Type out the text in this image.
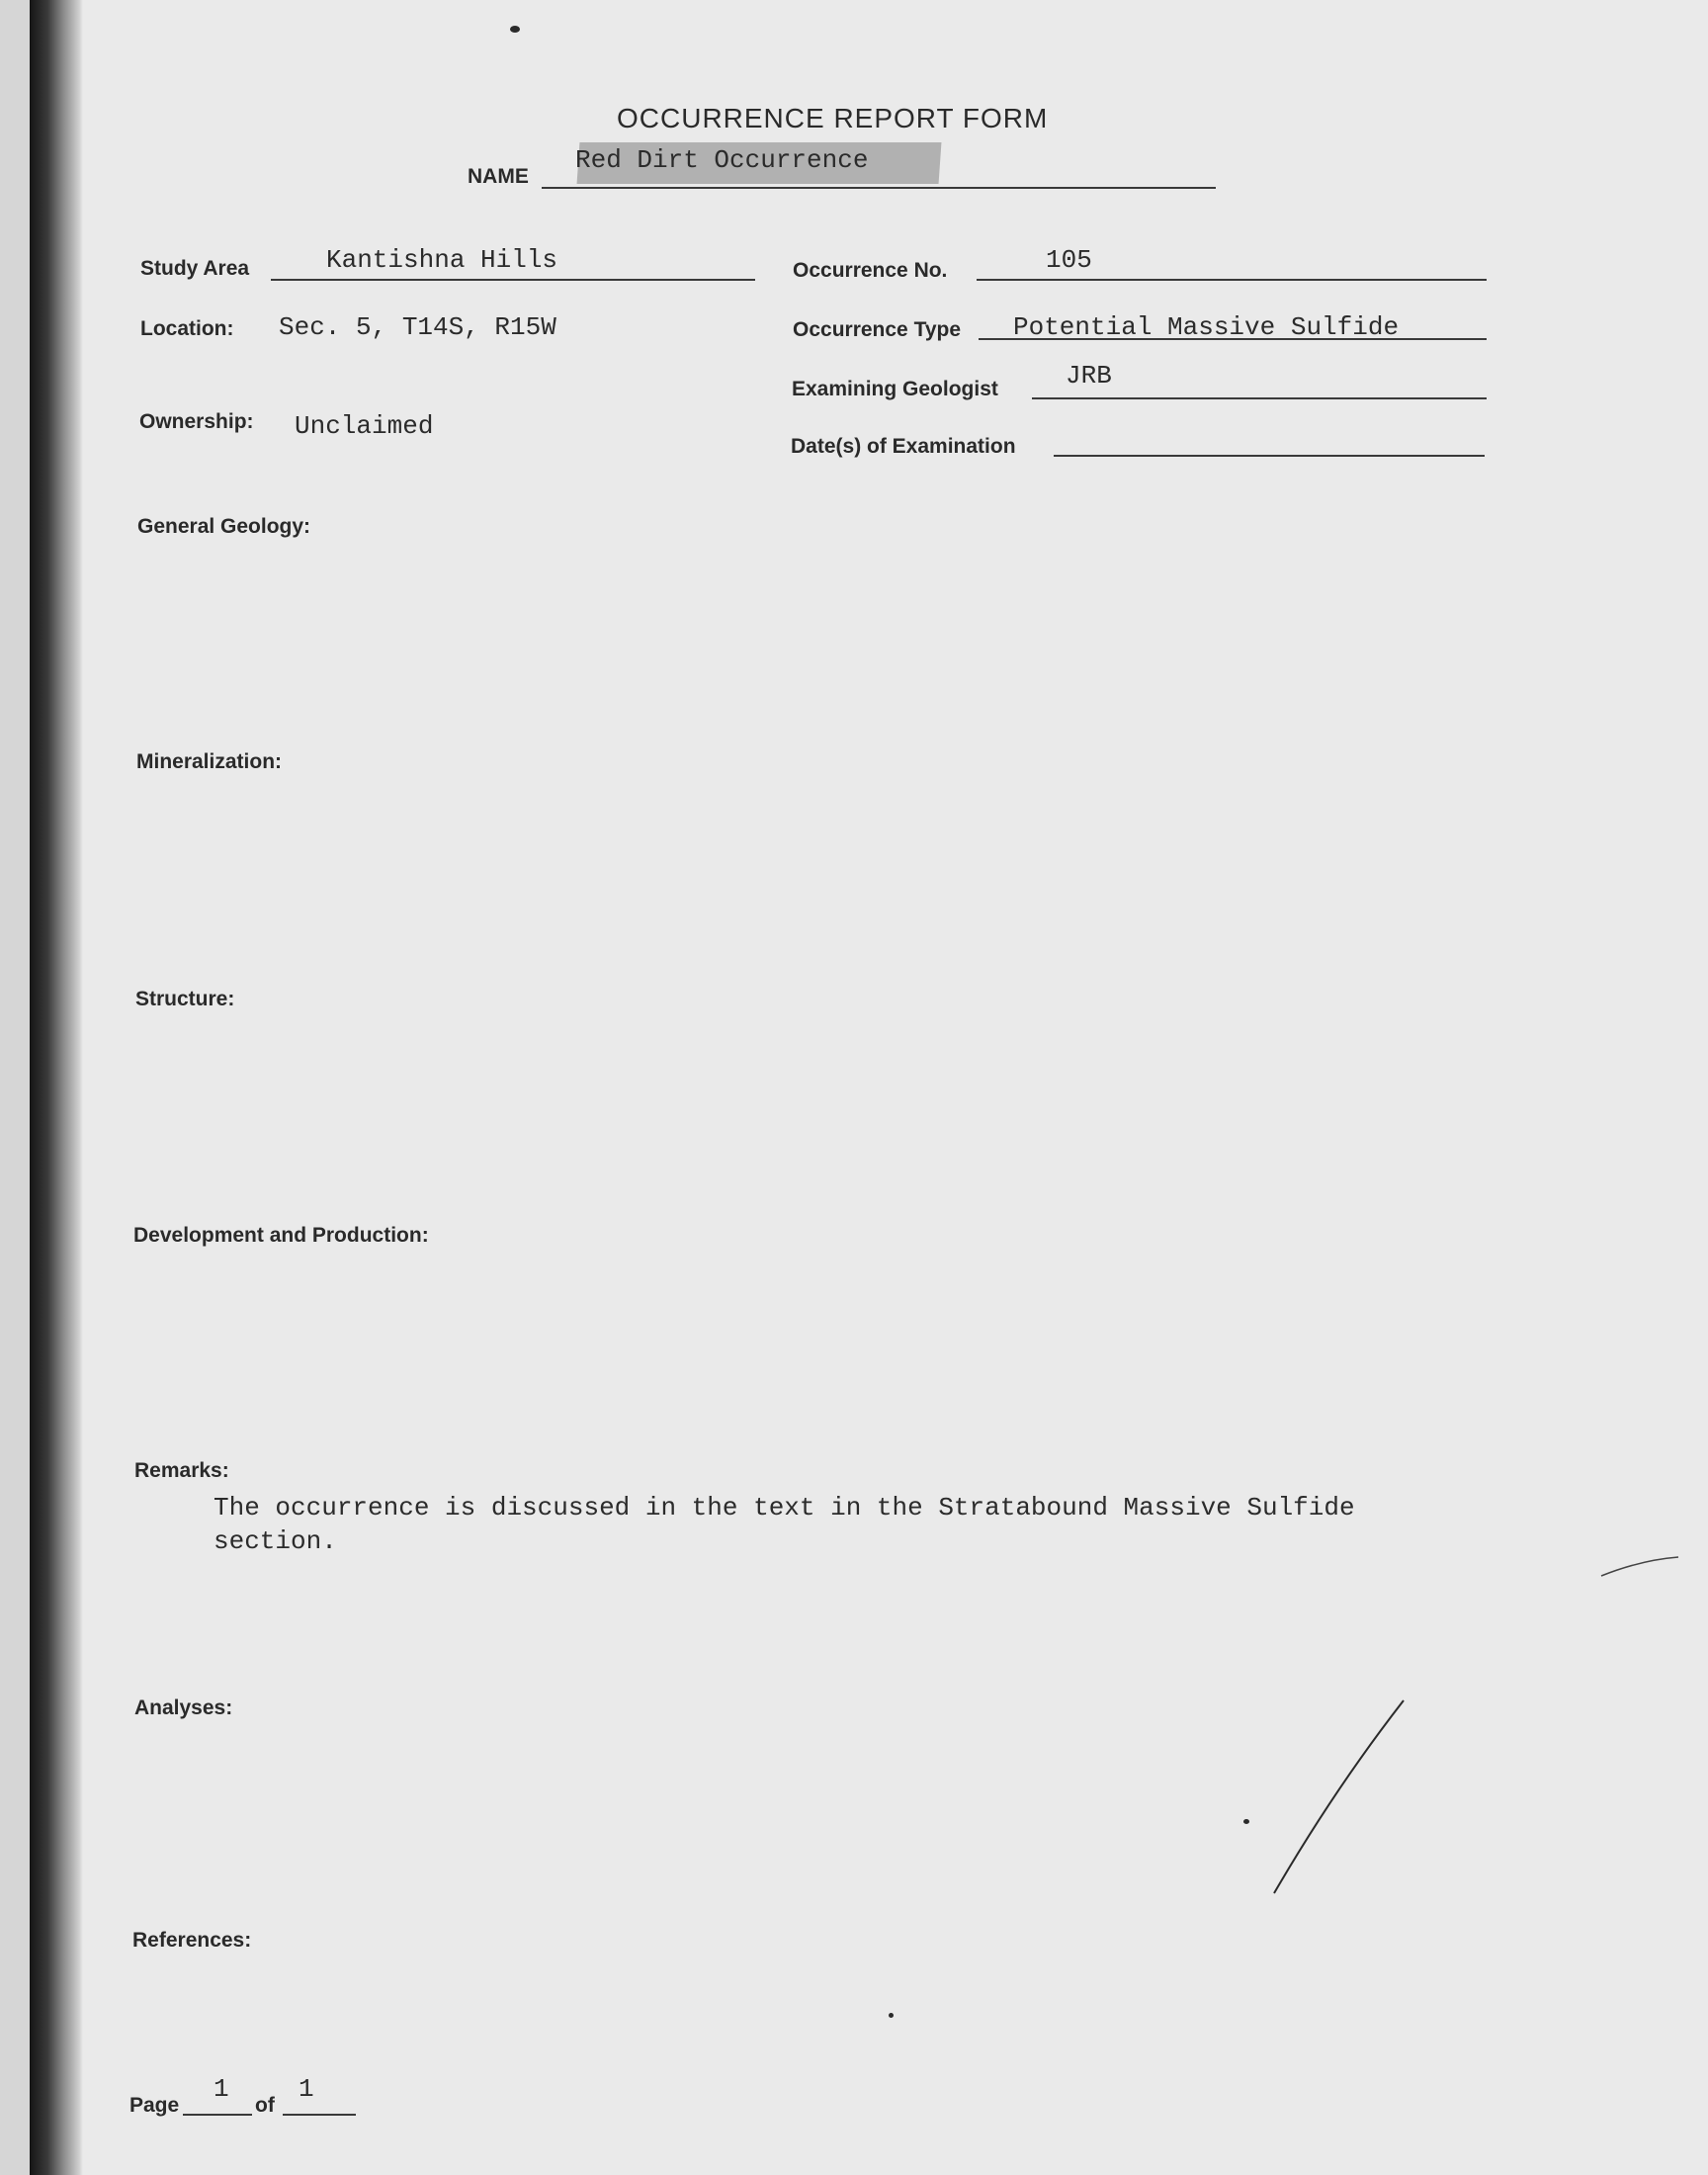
OCCURRENCE REPORT FORM
NAME
Red Dirt Occurrence
Study Area	Kantishna Hills	Occurrence No.	105
Location: Sec. 5, T14S, R15W	Occurrence Type Potential Massive Sulfide
Examining Geologist	JRB
Ownership: Unclaimed
Date(s) of Examination
General Geology:
Mineralization:
Structure:
Development and Production:
Remarks:
The occurrence is discussed in the text in the Stratabound Massive Sulfide
section.
Analyses:
References:
Page
1
of
1
